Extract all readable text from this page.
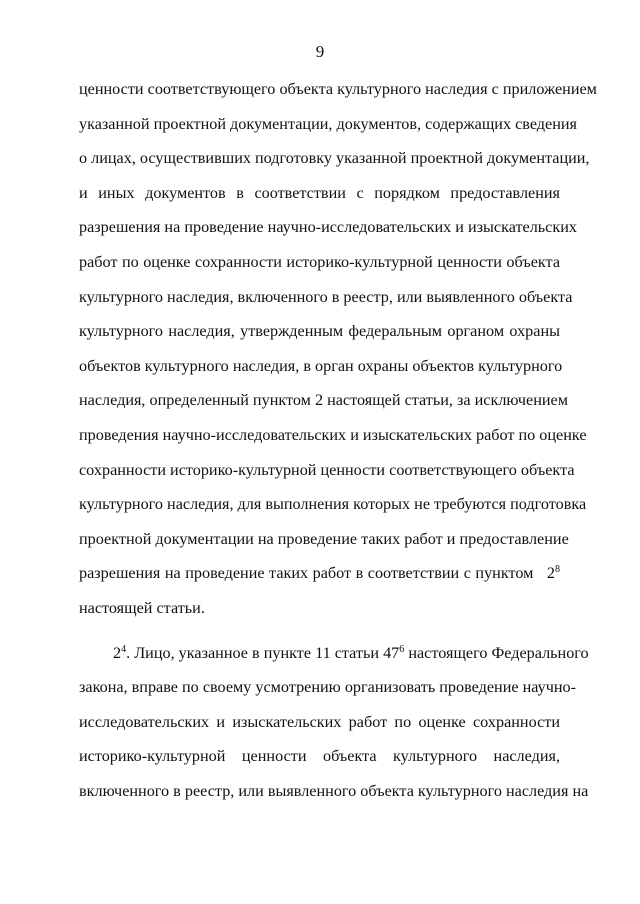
9
ценности соответствующего объекта культурного наследия с приложением
указанной проектной документации, документов, содержащих сведения
о лицах, осуществивших подготовку указанной проектной документации,
и иных документов в соответствии с порядком предоставления
разрешения на проведение научно-исследовательских и изыскательских
работ по оценке сохранности историко-культурной ценности объекта
культурного наследия, включенного в реестр, или выявленного объекта
культурного наследия, утвержденным федеральным органом охраны
объектов культурного наследия, в орган охраны объектов культурного
наследия, определенный пунктом 2 настоящей статьи, за исключением
проведения научно-исследовательских и изыскательских работ по оценке
сохранности историко-культурной ценности соответствующего объекта
культурного наследия, для выполнения которых не требуются подготовка
проектной документации на проведение таких работ и предоставление
разрешения на проведение таких работ в соответствии с пунктом $2^8$
настоящей статьи.
$2^4$. Лицо, указанное в пункте 11 статьи $47^6$ настоящего Федерального
закона, вправе по своему усмотрению организовать проведение научно-
исследовательских и изыскательских работ по оценке сохранности
историко-культурной ценности объекта культурного наследия,
включенного в реестр, или выявленного объекта культурного наследия на
